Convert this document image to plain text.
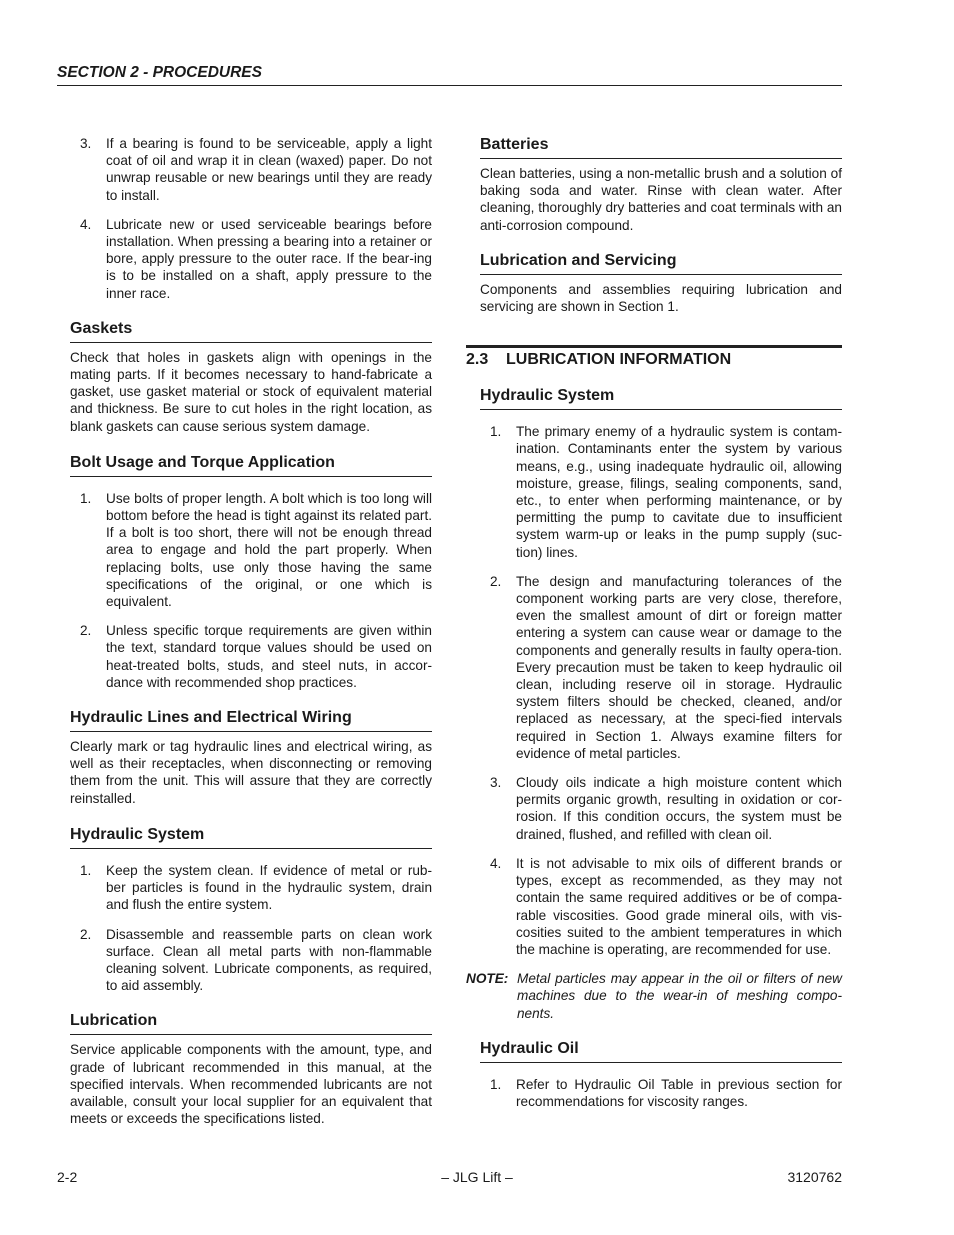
SECTION 2 - PROCEDURES
3. If a bearing is found to be serviceable, apply a light coat of oil and wrap it in clean (waxed) paper. Do not unwrap reusable or new bearings until they are ready to install.
4. Lubricate new or used serviceable bearings before installation. When pressing a bearing into a retainer or bore, apply pressure to the outer race. If the bear-ing is to be installed on a shaft, apply pressure to the inner race.
Gaskets

Check that holes in gaskets align with openings in the mating parts. If it becomes necessary to hand-fabricate a gasket, use gasket material or stock of equivalent material and thickness. Be sure to cut holes in the right location, as blank gaskets can cause serious system damage.

Bolt Usage and Torque Application
1. Use bolts of proper length. A bolt which is too long will bottom before the head is tight against its related part. If a bolt is too short, there will not be enough thread area to engage and hold the part properly. When replacing bolts, use only those having the same specifications of the original, or one which is equivalent.
2. Unless specific torque requirements are given within the text, standard torque values should be used on heat-treated bolts, studs, and steel nuts, in accor-dance with recommended shop practices.
Hydraulic Lines and Electrical Wiring

Clearly mark or tag hydraulic lines and electrical wiring, as well as their receptacles, when disconnecting or removing them from the unit. This will assure that they are correctly reinstalled.

Hydraulic System
1. Keep the system clean. If evidence of metal or rub-ber particles is found in the hydraulic system, drain and flush the entire system.
2. Disassemble and reassemble parts on clean work surface. Clean all metal parts with non-flammable cleaning solvent. Lubricate components, as required, to aid assembly.
Lubrication

Service applicable components with the amount, type, and grade of lubricant recommended in this manual, at the specified intervals. When recommended lubricants are not available, consult your local supplier for an equivalent that meets or exceeds the specifications listed.

Batteries

Clean batteries, using a non-metallic brush and a solution of baking soda and water. Rinse with clean water. After cleaning, thoroughly dry batteries and coat terminals with an anti-corrosion compound.

Lubrication and Servicing

Components and assemblies requiring lubrication and servicing are shown in Section 1.

2.3	LUBRICATION INFORMATION
Hydraulic System
1. The primary enemy of a hydraulic system is contam-ination. Contaminants enter the system by various means, e.g., using inadequate hydraulic oil, allowing moisture, grease, filings, sealing components, sand, etc., to enter when performing maintenance, or by permitting the pump to cavitate due to insufficient system warm-up or leaks in the pump supply (suc-tion) lines.
2. The design and manufacturing tolerances of the component working parts are very close, therefore, even the smallest amount of dirt or foreign matter entering a system can cause wear or damage to the components and generally results in faulty opera-tion. Every precaution must be taken to keep hydraulic oil clean, including reserve oil in storage. Hydraulic system filters should be checked, cleaned, and/or replaced as necessary, at the speci-fied intervals required in Section 1. Always examine filters for evidence of metal particles.
3. Cloudy oils indicate a high moisture content which permits organic growth, resulting in oxidation or cor-rosion. If this condition occurs, the system must be drained, flushed, and refilled with clean oil.
4. It is not advisable to mix oils of different brands or types, except as recommended, as they may not contain the same required additives or be of compa-rable viscosities. Good grade mineral oils, with vis-cosities suited to the ambient temperatures in which the machine is operating, are recommended for use.
NOTE: Metal particles may appear in the oil or filters of new machines due to the wear-in of meshing compo-nents.
Hydraulic Oil
1. Refer to Hydraulic Oil Table in previous section for recommendations for viscosity ranges.
2-2	– JLG Lift –	3120762
